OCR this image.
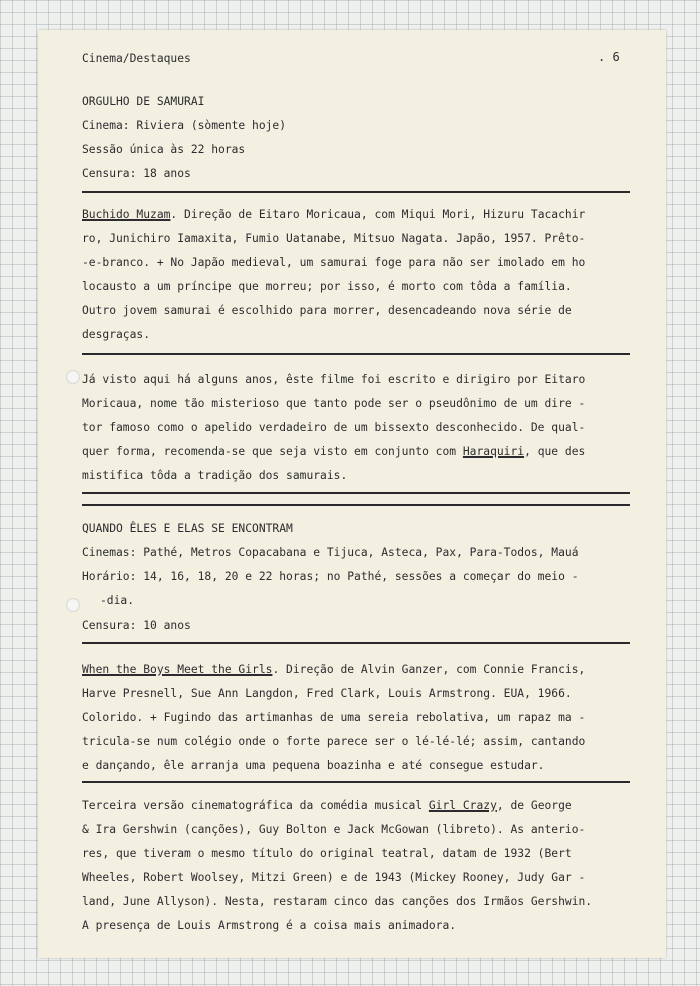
Cinema/Destaques	. 6
ORGULHO DE SAMURAI
Cinema: Riviera (sòmente hoje)
Sessão única às 22 horas
Censura: 18 anos
Buchido Muzam. Direção de Eitaro Moricaua, com Miqui Mori, Hizuru Tacachir
ro, Junichiro Iamaxita, Fumio Uatanabe, Mitsuo Nagata. Japão, 1957. Prêto-
-e-branco. + No Japão medieval, um samurai foge para não ser imolado em ho
locausto a um príncipe que morreu; por isso, é morto com tôda a família.
Outro jovem samurai é escolhido para morrer, desencadeando nova série de
desgraças.
Já visto aqui há alguns anos, êste filme foi escrito e dirigiro por Eitaro
Moricaua, nome tão misterioso que tanto pode ser o pseudônimo de um dire -
tor famoso como o apelido verdadeiro de um bissexto desconhecido. De qual-
quer forma, recomenda-se que seja visto em conjunto com Haraquiri, que des
mistifica tôda a tradição dos samurais.
QUANDO ÊLES E ELAS SE ENCONTRAM
Cinemas: Pathé, Metros Copacabana e Tijuca, Asteca, Pax, Para-Todos, Mauá
Horário: 14, 16, 18, 20 e 22 horas; no Pathé, sessões a começar do meio -
-dia.
Censura: 10 anos
When the Boys Meet the Girls. Direção de Alvin Ganzer, com Connie Francis,
Harve Presnell, Sue Ann Langdon, Fred Clark, Louis Armstrong. EUA, 1966.
Colorido. + Fugindo das artimanhas de uma sereia rebolativa, um rapaz ma -
tricula-se num colégio onde o forte parece ser o lé-lé-lé; assim, cantando
e dançando, êle arranja uma pequena boazinha e até consegue estudar.
Terceira versão cinematográfica da comédia musical Girl Crazy, de George
& Ira Gershwin (canções), Guy Bolton e Jack McGowan (libreto). As anterio-
res, que tiveram o mesmo título do original teatral, datam de 1932 (Bert
Wheeles, Robert Woolsey, Mitzi Green) e de 1943 (Mickey Rooney, Judy Gar -
land, June Allyson). Nesta, restaram cinco das canções dos Irmãos Gershwin.
A presença de Louis Armstrong é a coisa mais animadora.
